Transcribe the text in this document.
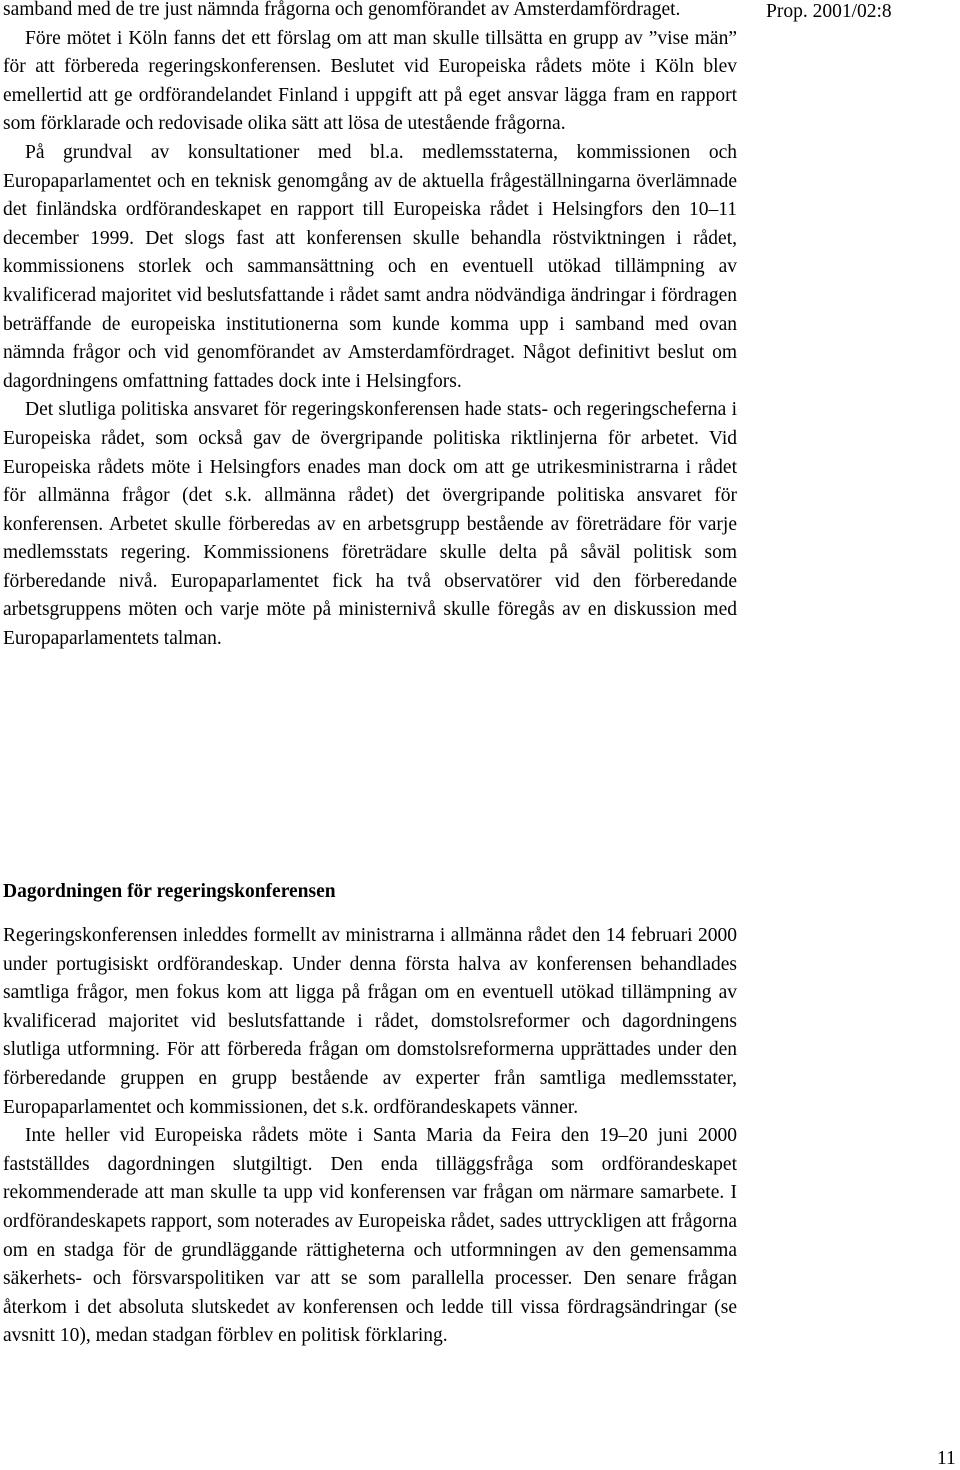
Prop. 2001/02:8

samband med de tre just nämnda frågorna och genomförandet av Amsterdamfördraget.

Före mötet i Köln fanns det ett förslag om att man skulle tillsätta en grupp av ”vise män” för att förbereda regeringskonferensen. Beslutet vid Europeiska rådets möte i Köln blev emellertid att ge ordförandelandet Finland i uppgift att på eget ansvar lägga fram en rapport som förklarade och redovisade olika sätt att lösa de utestående frågorna.

På grundval av konsultationer med bl.a. medlemsstaterna, kommissionen och Europaparlamentet och en teknisk genomgång av de aktuella frågeställningarna överlämnade det finländska ordförandeskapet en rapport till Europeiska rådet i Helsingfors den 10–11 december 1999. Det slogs fast att konferensen skulle behandla röstviktningen i rådet, kommissionens storlek och sammansättning och en eventuell utökad tillämpning av kvalificerad majoritet vid beslutsfattande i rådet samt andra nödvändiga ändringar i fördragen beträffande de europeiska institutionerna som kunde komma upp i samband med ovan nämnda frågor och vid genomförandet av Amsterdamfördraget. Något definitivt beslut om dagordningens omfattning fattades dock inte i Helsingfors.

Det slutliga politiska ansvaret för regeringskonferensen hade stats- och regeringscheferna i Europeiska rådet, som också gav de övergripande politiska riktlinjerna för arbetet. Vid Europeiska rådets möte i Helsingfors enades man dock om att ge utrikesministrarna i rådet för allmänna frågor (det s.k. allmänna rådet) det övergripande politiska ansvaret för konferensen. Arbetet skulle förberedas av en arbetsgrupp bestående av företrädare för varje medlemsstats regering. Kommissionens företrädare skulle delta på såväl politisk som förberedande nivå. Europaparlamentet fick ha två observatörer vid den förberedande arbetsgruppens möten och varje möte på ministernivå skulle föregås av en diskussion med Europaparlamentets talman.

Dagordningen för regeringskonferensen

Regeringskonferensen inleddes formellt av ministrarna i allmänna rådet den 14 februari 2000 under portugisiskt ordförandeskap. Under denna första halva av konferensen behandlades samtliga frågor, men fokus kom att ligga på frågan om en eventuell utökad tillämpning av kvalificerad majoritet vid beslutsfattande i rådet, domstolsreformer och dagordningens slutliga utformning. För att förbereda frågan om domstolsreformerna upprättades under den förberedande gruppen en grupp bestående av experter från samtliga medlemsstater, Europaparlamentet och kommissionen, det s.k. ordförandeskapets vänner.

Inte heller vid Europeiska rådets möte i Santa Maria da Feira den 19–20 juni 2000 fastställdes dagordningen slutgiltigt. Den enda tilläggsfråga som ordförandeskapet rekommenderade att man skulle ta upp vid konferensen var frågan om närmare samarbete. I ordförandeskapets rapport, som noterades av Europeiska rådet, sades uttryckligen att frågorna om en stadga för de grundläggande rättigheterna och utformningen av den gemensamma säkerhets- och försvarspolitiken var att se som parallella processer. Den senare frågan återkom i det absoluta slutskedet av konferensen och ledde till vissa fördragsändringar (se avsnitt 10), medan stadgan förblev en politisk förklaring.

11
